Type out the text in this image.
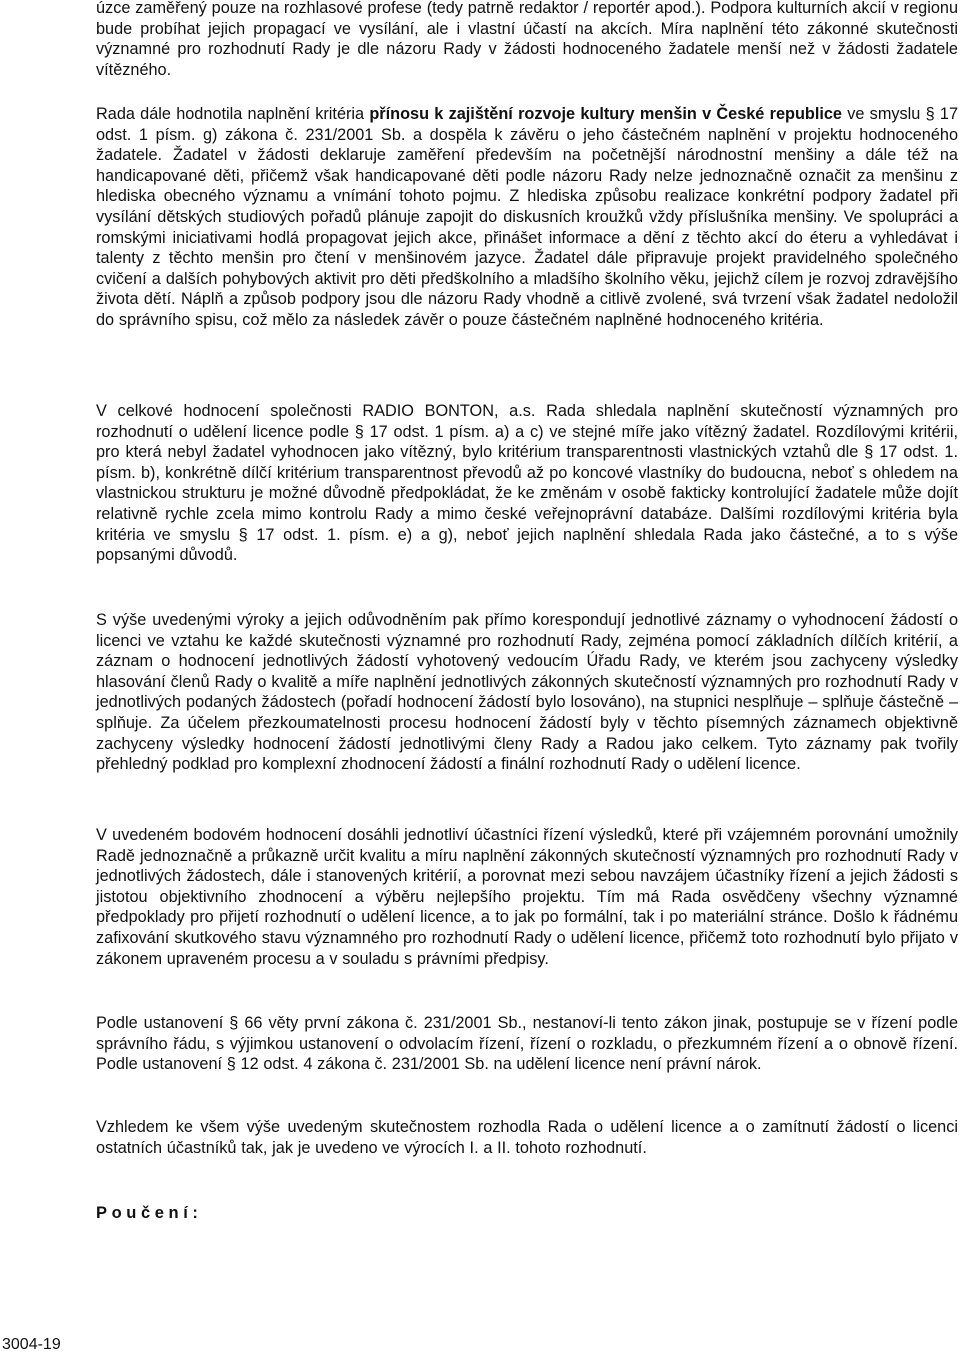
úzce zaměřený pouze na rozhlasové profese (tedy patrně redaktor / reportér apod.). Podpora kulturních akcií v regionu bude probíhat jejich propagací ve vysílání, ale i vlastní účastí na akcích. Míra naplnění této zákonné skutečnosti významné pro rozhodnutí Rady je dle názoru Rady v žádosti hodnoceného žadatele menší než v žádosti žadatele vítězného.

Rada dále hodnotila naplnění kritéria přínosu k zajištění rozvoje kultury menšin v České republice ve smyslu § 17 odst. 1 písm. g) zákona č. 231/2001 Sb. a dospěla k závěru o jeho částečném naplnění v projektu hodnoceného žadatele. Žadatel v žádosti deklaruje zaměření především na početnější národnostní menšiny a dále též na handicapované děti, přičemž však handicapované děti podle názoru Rady nelze jednoznačně označit za menšinu z hlediska obecného významu a vnímání tohoto pojmu. Z hlediska způsobu realizace konkrétní podpory žadatel při vysílání dětských studiových pořadů plánuje zapojit do diskusních kroužků vždy příslušníka menšiny. Ve spolupráci a romskými iniciativami hodlá propagovat jejich akce, přinášet informace a dění z těchto akcí do éteru a vyhledávat i talenty z těchto menšin pro čtení v menšinovém jazyce. Žadatel dále připravuje projekt pravidelného společného cvičení a dalších pohybových aktivit pro děti předškolního a mladšího školního věku, jejichž cílem je rozvoj zdravějšího života dětí. Náplň a způsob podpory jsou dle názoru Rady vhodně a citlivě zvolené, svá tvrzení však žadatel nedoložil do správního spisu, což mělo za následek závěr o pouze částečném naplněné hodnoceného kritéria.

V celkové hodnocení společnosti RADIO BONTON, a.s. Rada shledala naplnění skutečností významných pro rozhodnutí o udělení licence podle § 17 odst. 1 písm. a) a c) ve stejné míře jako vítězný žadatel. Rozdílovými kritérii, pro která nebyl žadatel vyhodnocen jako vítězný, bylo kritérium transparentnosti vlastnických vztahů dle § 17 odst. 1. písm. b), konkrétně dílčí kritérium transparentnost převodů až po koncové vlastníky do budoucna, neboť s ohledem na vlastnickou strukturu je možné důvodně předpokládat, že ke změnám v osobě fakticky kontrolující žadatele může dojít relativně rychle zcela mimo kontrolu Rady a mimo české veřejnoprávní databáze. Dalšími rozdílovými kritéria byla kritéria ve smyslu § 17 odst. 1. písm. e) a g), neboť jejich naplnění shledala Rada jako částečné, a to s výše popsanými důvodů.

S výše uvedenými výroky a jejich odůvodněním pak přímo korespondují jednotlivé záznamy o vyhodnocení žádostí o licenci ve vztahu ke každé skutečnosti významné pro rozhodnutí Rady, zejména pomocí základních dílčích kritérií, a záznam o hodnocení jednotlivých žádostí vyhotovený vedoucím Úřadu Rady, ve kterém jsou zachyceny výsledky hlasování členů Rady o kvalitě a míře naplnění jednotlivých zákonných skutečností významných pro rozhodnutí Rady v jednotlivých podaných žádostech (pořadí hodnocení žádostí bylo losováno), na stupnici nesplňuje – splňuje částečně – splňuje. Za účelem přezkoumatelnosti procesu hodnocení žádostí byly v těchto písemných záznamech objektivně zachyceny výsledky hodnocení žádostí jednotlivými členy Rady a Radou jako celkem. Tyto záznamy pak tvořily přehledný podklad pro komplexní zhodnocení žádostí a finální rozhodnutí Rady o udělení licence.

V uvedeném bodovém hodnocení dosáhli jednotliví účastníci řízení výsledků, které při vzájemném porovnání umožnily Radě jednoznačně a průkazně určit kvalitu a míru naplnění zákonných skutečností významných pro rozhodnutí Rady v jednotlivých žádostech, dále i stanovených kritérií, a porovnat mezi sebou navzájem účastníky řízení a jejich žádosti s jistotou objektivního zhodnocení a výběru nejlepšího projektu. Tím má Rada osvědčeny všechny významné předpoklady pro přijetí rozhodnutí o udělení licence, a to jak po formální, tak i po materiální stránce. Došlo k řádnému zafixování skutkového stavu významného pro rozhodnutí Rady o udělení licence, přičemž toto rozhodnutí bylo přijato v zákonem upraveném procesu a v souladu s právními předpisy.

Podle ustanovení § 66 věty první zákona č. 231/2001 Sb., nestanoví-li tento zákon jinak, postupuje se v řízení podle správního řádu, s výjimkou ustanovení o odvolacím řízení, řízení o rozkladu, o přezkumném řízení a o obnově řízení. Podle ustanovení § 12 odst. 4 zákona č. 231/2001 Sb. na udělení licence není právní nárok.

Vzhledem ke všem výše uvedeným skutečnostem rozhodla Rada o udělení licence a o zamítnutí žádostí o licenci ostatních účastníků tak, jak je uvedeno ve výrocích I. a II. tohoto rozhodnutí.

Poučení:
3004-19
